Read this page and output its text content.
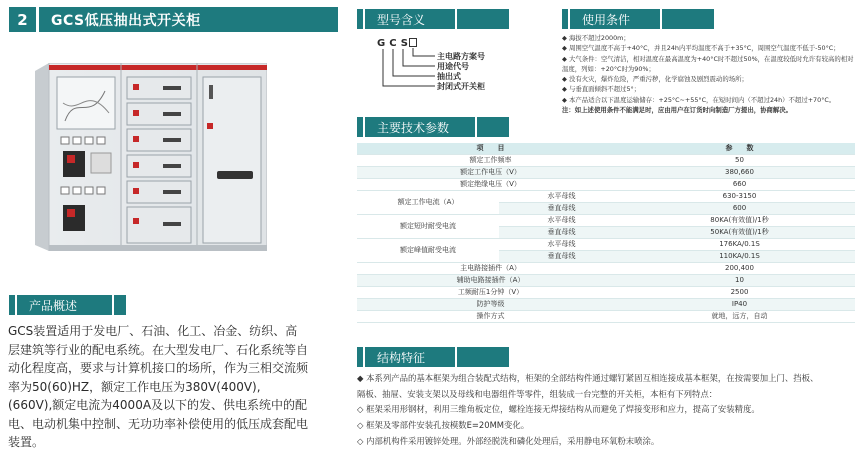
2	GCS低压抽出式开关柜
产品概述
GCS装置适用于发电厂、石油、化工、冶金、纺织、高层建筑等行业的配电系统。在大型发电厂、石化系统等自动化程度高，要求与计算机接口的场所，作为三相交流频率为50(60)HZ，额定工作电压为380V(400V), (660V),额定电流为4000A及以下的发、供电系统中的配电、电动机集中控制、无功功率补偿使用的低压成套配电装置。
型号含义
GCS
主电路方案号
用途代号
抽出式
封闭式开关柜
使用条件

◆ 海拔不超过2000m；

◆ 周围空气温度不高于+40°C，并且24h内平均温度不高于+35°C，周围空气温度不低于-50°C；

◆ 大气条件：空气清洁，相对温度在最高温度为+40°C时不超过50%，在温度较低时允许有较高的相对

温度，列如：+20°C时为90%；

◆ 没有火灾，爆炸危险，严重污秽，化学腐蚀及剧烈震动的场所；

◆ 与垂直面倾斜不超过5°；

◆ 本产品适合以下温度运输储存：+25°C~+55°C，在短时间内（不超过24h）不超过+70°C。

注：如上述使用条件不能满足时，应由用户在订货时向制造厂方提出，协商解决。

主要技术参数
项　　目		参　　数
额定工作频率		50
额定工作电压（V）		380,660
额定绝缘电压（V）		660
额定工作电流（A）	水平母线	630-3150
	垂直母线	600
额定短时耐受电流	水平母线	80KA(有效值)/1秒
	垂直母线	50KA(有效值)/1秒
额定峰值耐受电流	水平母线	176KA/0.1S
	垂直母线	110KA/0.1S
主电路接插件（A）		200,400
辅助电路接插件（A）		10
工频耐压1分钟（V）		2500
防护等级		IP40
操作方式		就地，远方，自动
结构特征

◆ 本系列产品的基本框架为组合装配式结构，柜架的全部结构件通过螺钉紧固互相连接成基本框架，在按需要加上门、挡板、

隔板、抽屉、安装支架以及母线和电器组件等零件，组装成一台完整的开关柜，本柜有下列特点：

◇ 框架采用形钢材，利用三维角板定位，螺栓连接无焊接结构从而避免了焊接变形和应力，提高了安装精度。

◇ 框架及零部件安装孔按模数E=20MM变化。

◇ 内部机构件采用镀锌处理。外部经脱洗和磷化处理后，采用静电环氧粉末喷涂。
